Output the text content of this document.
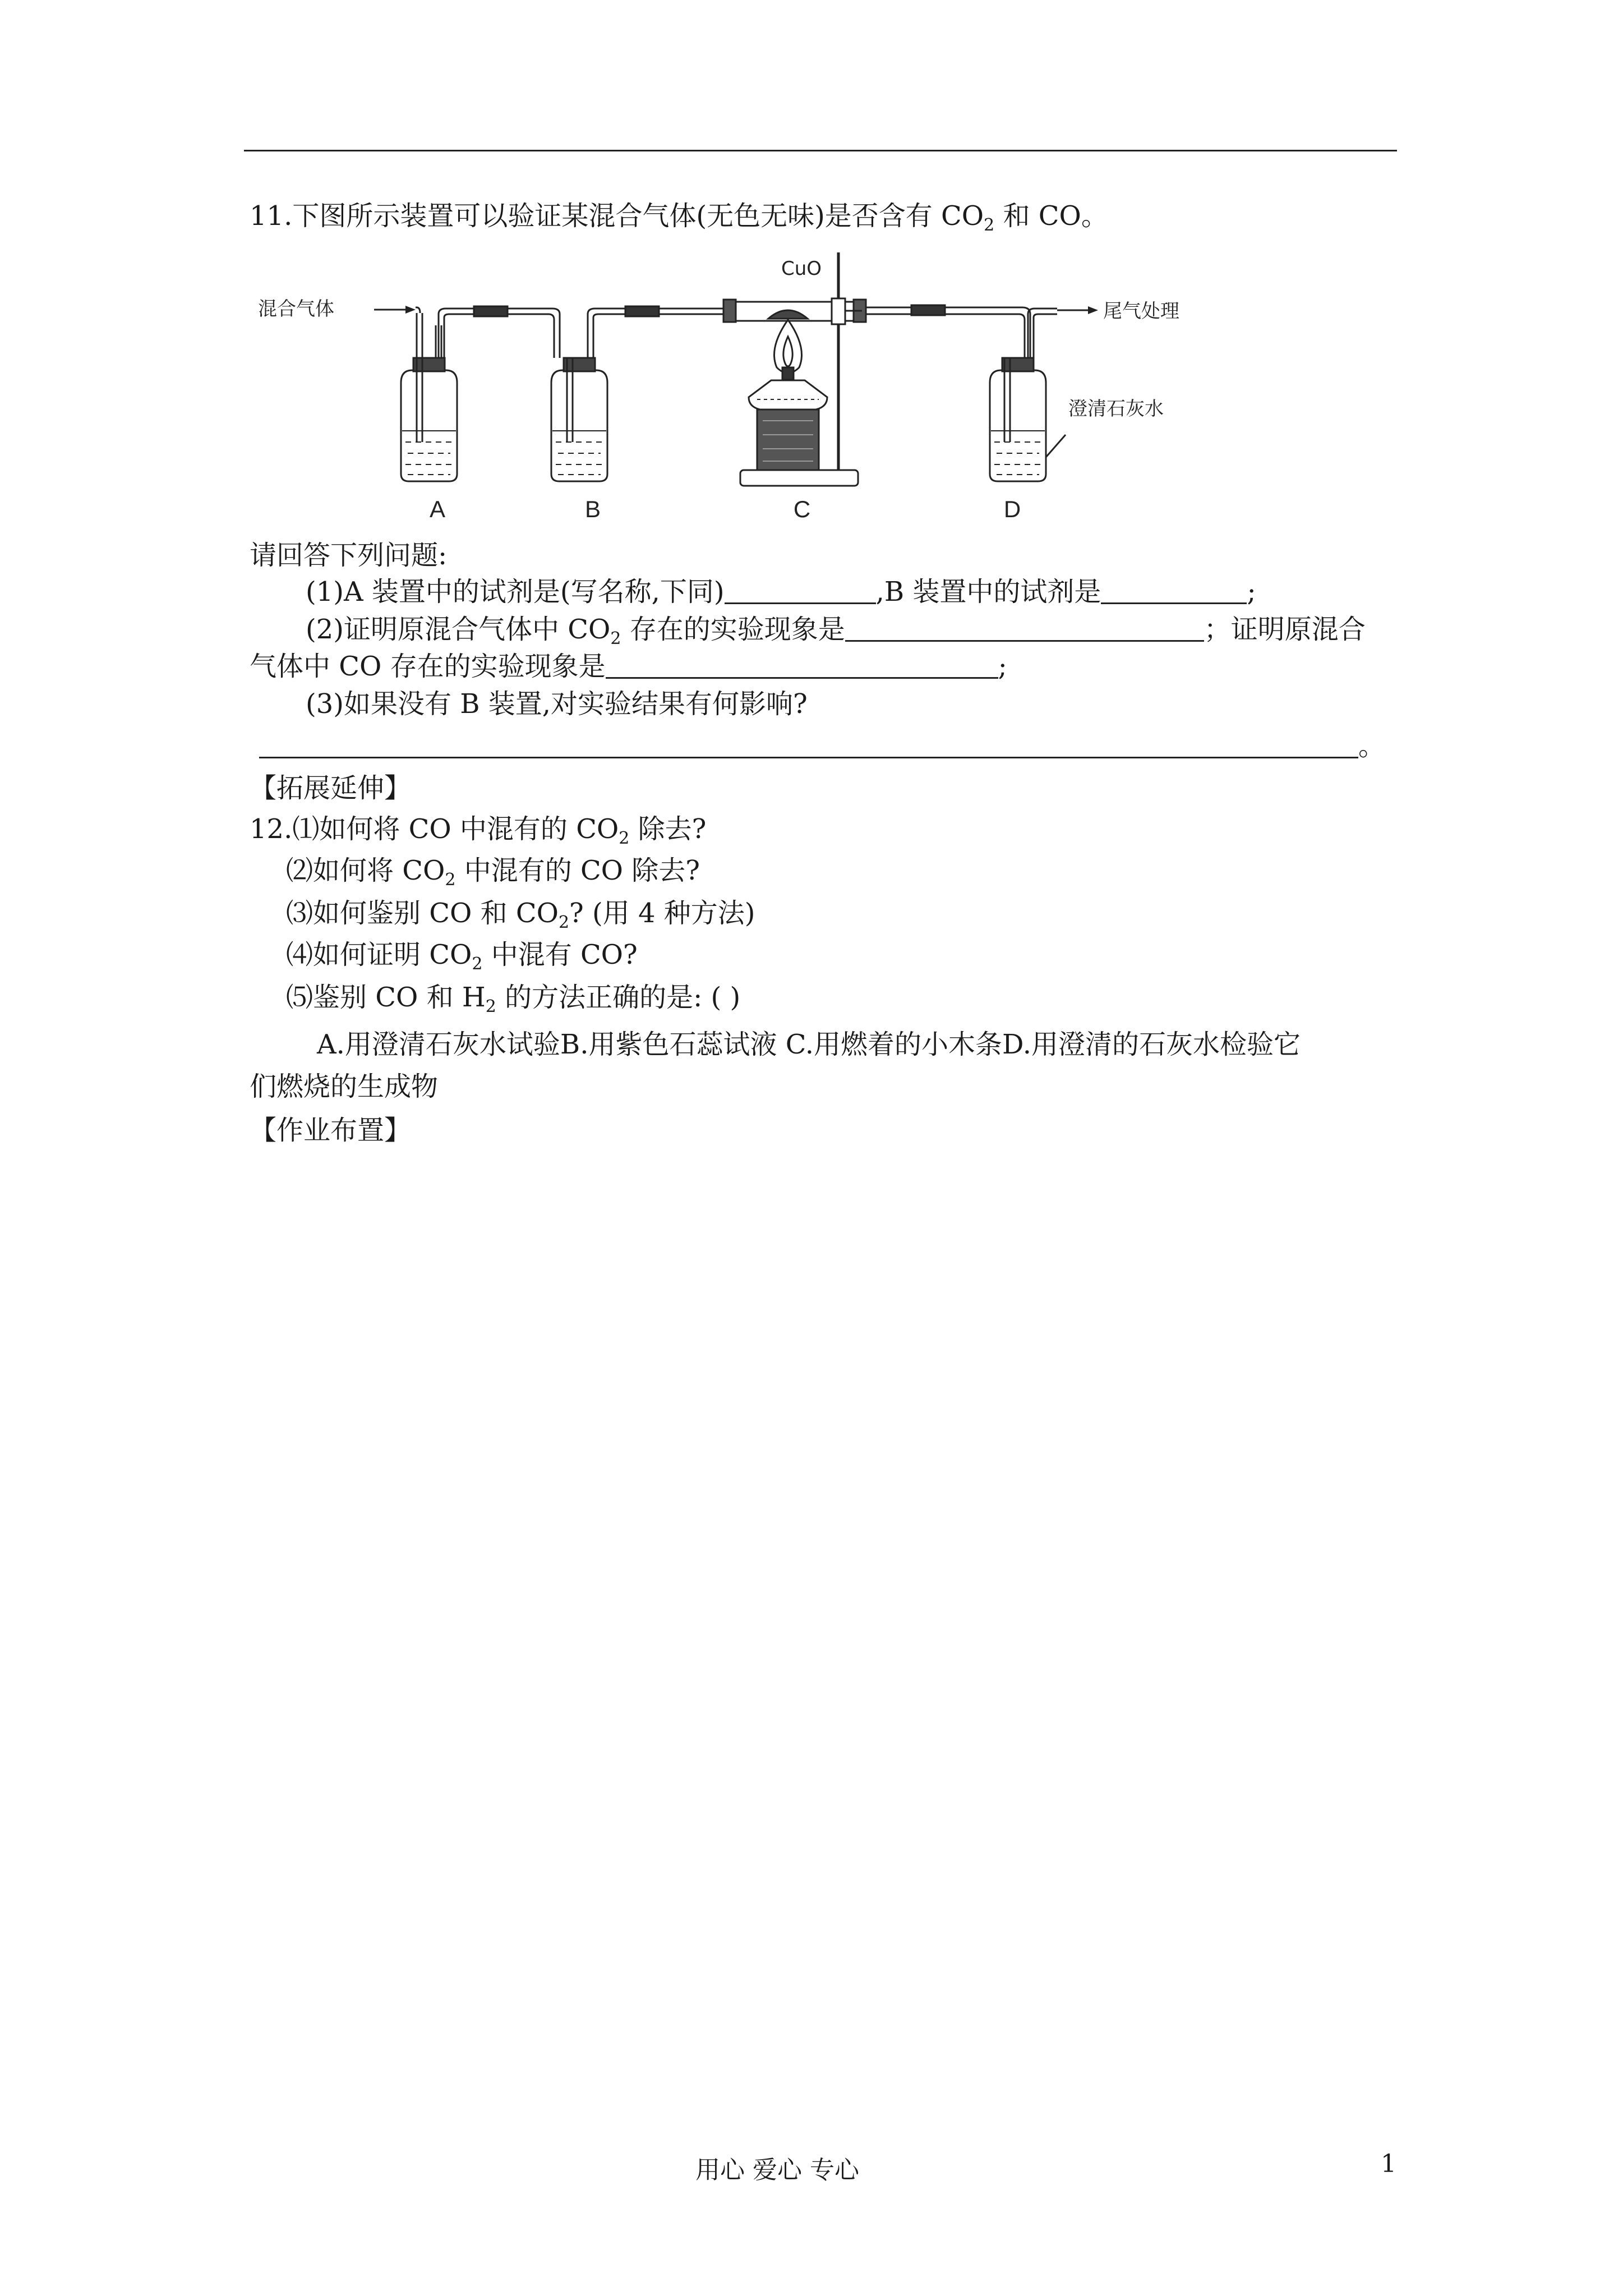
11.下图所示装置可以验证某混合气体(无色无味)是否含有 $CO_2$ 和 CO。
混合气体
CuO
尾气处理
澄清石灰水
A	B	C	D
请回答下列问题:
(1)A 装置中的试剂是(写名称,下同)	,B 装置中的试剂是	;
(2)证明原混合气体中 $CO_2$ 存在的实验现象是	；证明原混合
气体中 CO 存在的实验现象是	;
(3)如果没有 B 装置,对实验结果有何影响?
。
【拓展延伸】
12.⑴如何将 CO 中混有的 $CO_2$ 除去?
⑵如何将 $CO_2$ 中混有的 CO 除去?
⑶如何鉴别 CO 和 $CO_2$? (用 4 种方法)
⑷如何证明 $CO_2$ 中混有 CO?
⑸鉴别 CO 和 $H_2$ 的方法正确的是: ( )
A.用澄清石灰水试验B.用紫色石蕊试液 C.用燃着的小木条D.用澄清的石灰水检验它
们燃烧的生成物
【作业布置】
用心 爱心 专心	1
